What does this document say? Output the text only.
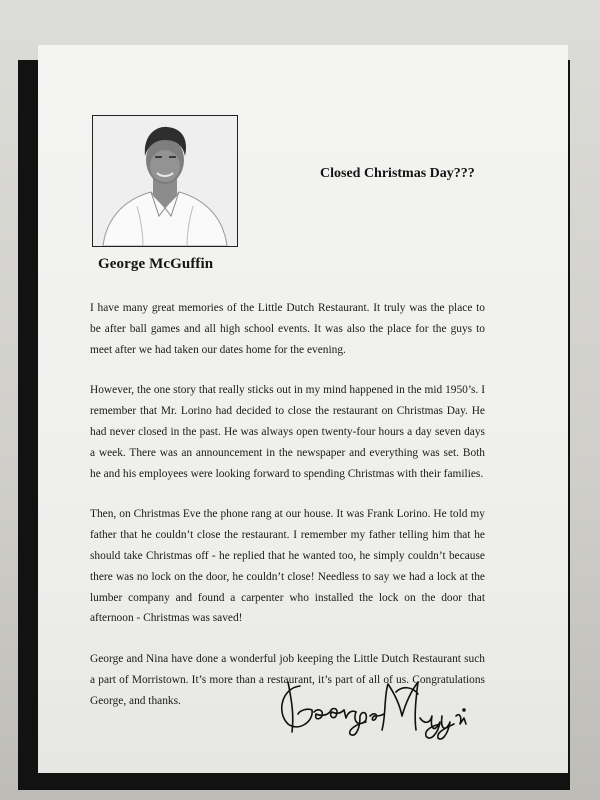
George McGuffin
Closed Christmas Day???

I have many great memories of the Little Dutch Restaurant. It truly was the place to be after ball games and all high school events. It was also the place for the guys to meet after we had taken our dates home for the evening.

However, the one story that really sticks out in my mind happened in the mid 1950’s. I remember that Mr. Lorino had decided to close the restaurant on Christmas Day. He had never closed in the past. He was always open twenty-four hours a day seven days a week. There was an announcement in the newspaper and everything was set. Both he and his employees were looking forward to spending Christmas with their families.

Then, on Christmas Eve the phone rang at our house. It was Frank Lorino. He told my father that he couldn’t close the restaurant. I remember my father telling him that he should take Christmas off - he replied that he wanted too, he simply couldn’t because there was no lock on the door, he couldn’t close! Needless to say we had a lock at the lumber company and found a carpenter who installed the lock on the door that afternoon - Christmas was saved!

George and Nina have done a wonderful job keeping the Little Dutch Restaurant such a part of Morristown. It’s more than a restaurant, it’s part of all of us. Congratulations George, and thanks.
